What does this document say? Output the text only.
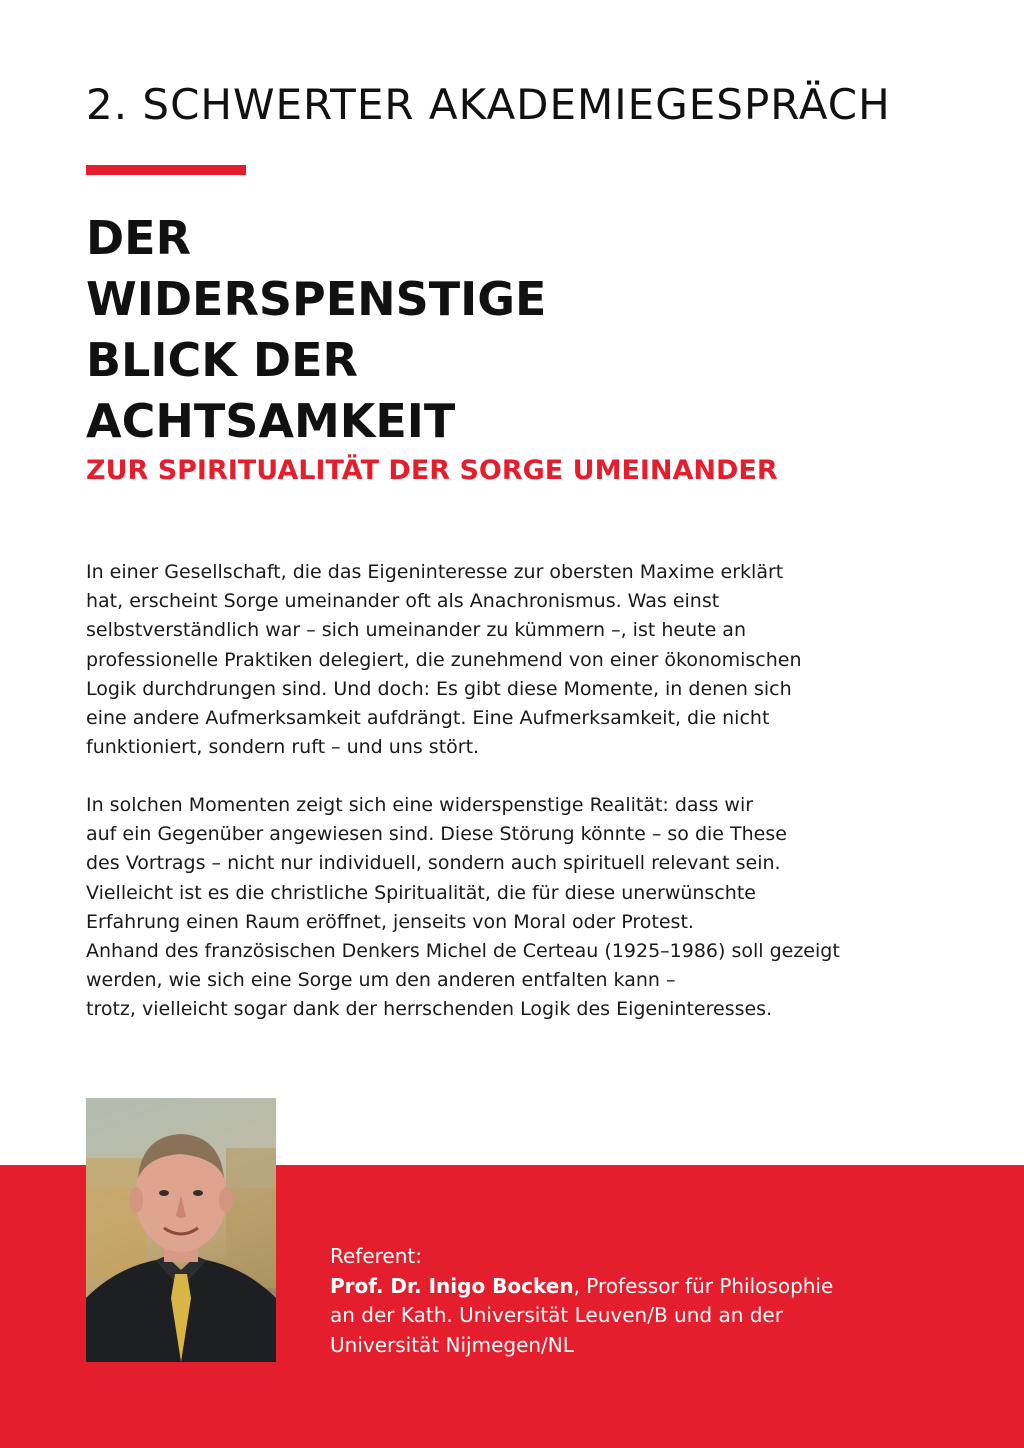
2. SCHWERTER AKADEMIEGESPRÄCH
DER
WIDERSPENSTIGE
BLICK DER
ACHTSAMKEIT
ZUR SPIRITUALITÄT DER SORGE UMEINANDER
In einer Gesellschaft, die das Eigeninteresse zur obersten Maxime erklärt
hat, erscheint Sorge umeinander oft als Anachronismus. Was einst
selbstverständlich war – sich umeinander zu kümmern –, ist heute an
professionelle Praktiken delegiert, die zunehmend von einer ökonomischen
Logik durchdrungen sind. Und doch: Es gibt diese Momente, in denen sich
eine andere Aufmerksamkeit aufdrängt. Eine Aufmerksamkeit, die nicht
funktioniert, sondern ruft – und uns stört.
In solchen Momenten zeigt sich eine widerspenstige Realität: dass wir
auf ein Gegenüber angewiesen sind. Diese Störung könnte – so die These
des Vortrags – nicht nur individuell, sondern auch spirituell relevant sein.
Vielleicht ist es die christliche Spiritualität, die für diese unerwünschte
Erfahrung einen Raum eröffnet, jenseits von Moral oder Protest.
Anhand des französischen Denkers Michel de Certeau (1925–1986) soll gezeigt
werden, wie sich eine Sorge um den anderen entfalten kann –
trotz, vielleicht sogar dank der herrschenden Logik des Eigeninteresses.
Referent:
Prof. Dr. Inigo Bocken, Professor für Philosophie
an der Kath. Universität Leuven/B und an der
Universität Nijmegen/NL
